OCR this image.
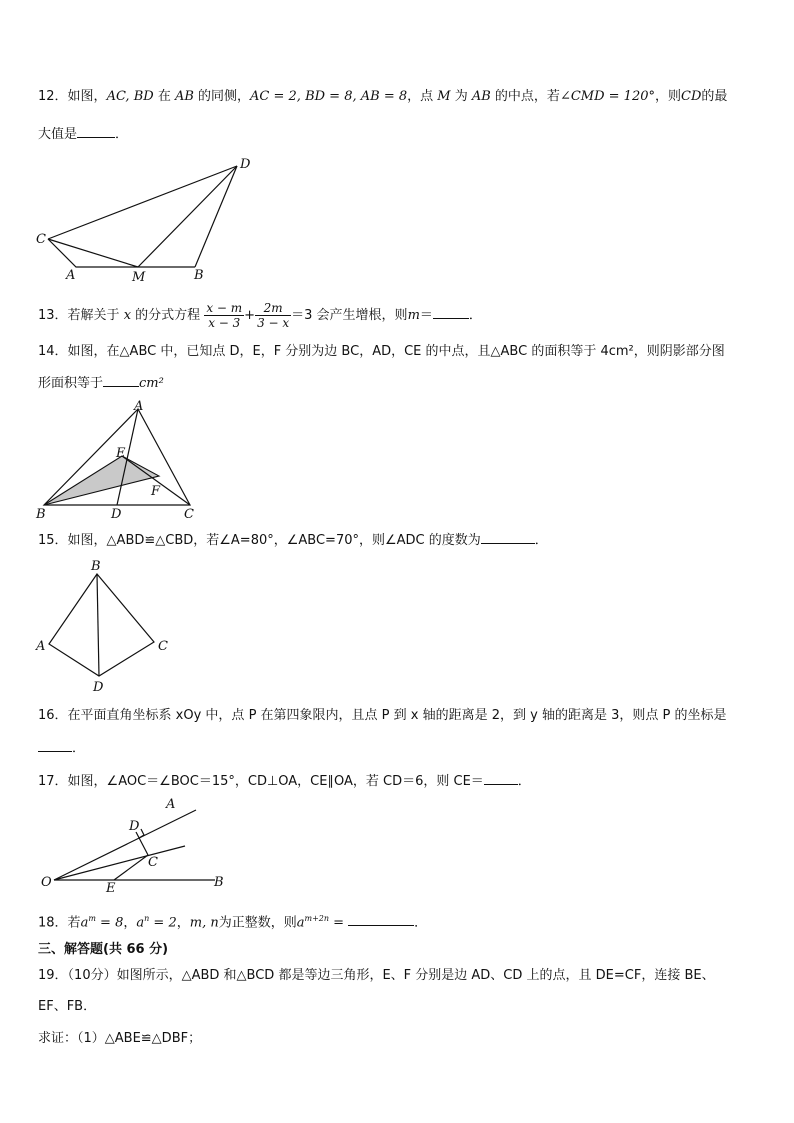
12．如图，AC, BD 在 AB 的同侧，AC = 2, BD = 8, AB = 8，点 M 为 AB 的中点，若∠CMD = 120°，则CD的最
大值是	．
C
A	M	B
D
13．若解关于 x 的分式方程 $\frac{x - m}{x - 3} + \frac{2m}{3 - x} =3$ 会产生增根，则m＝	．
14．如图，在△ABC 中，已知点 D，E，F 分别为边 BC，AD，CE 的中点，且△ABC 的面积等于 4cm²，则阴影部分图
形面积等于	cm²
A
E
F
B	D	C
15．如图，△ABD≌△CBD，若∠A=80°，∠ABC=70°，则∠ADC 的度数为	．
B
A	C
D
16．在平面直角坐标系 xOy 中，点 P 在第四象限内，且点 P 到 x 轴的距离是 2，到 y 轴的距离是 3，则点 P 的坐标是
．
17．如图，∠AOC＝∠BOC＝15°，CD⊥OA，CE∥OA，若 CD＝6，则 CE＝	．
A
D
C
O	E	B
18．若$a^m = 8$，$a^n = 2$，m, n为正整数，则$a^{m+2n}$ =	．
三、解答题(共 66 分)
19．（10分）如图所示，△ABD 和△BCD 都是等边三角形，E、F 分别是边 AD、CD 上的点，且 DE=CF，连接 BE、
EF、FB．
求证：（1）△ABE≌△DBF；
